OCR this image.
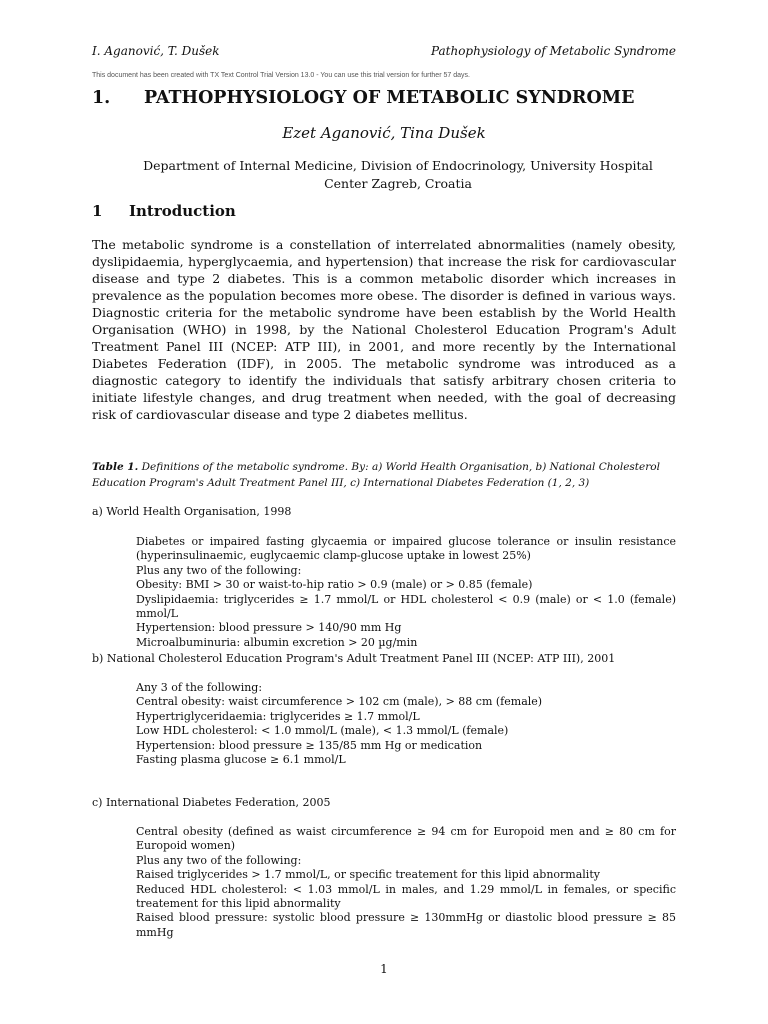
I. Aganović, T. Dušek	Pathophysiology of Metabolic Syndrome
This document has been created with TX Text Control Trial Version 13.0 - You can use this trial version for further 57 days.
1.	PATHOPHYSIOLOGY OF METABOLIC SYNDROME
Ezet Aganović, Tina Dušek
Department of Internal Medicine, Division of Endocrinology, University Hospital Center Zagreb, Croatia
1	Introduction

The metabolic syndrome is a constellation of interrelated abnormalities (namely obesity, dyslipidaemia, hyperglycaemia, and hypertension) that increase the risk for cardiovascular disease and type 2 diabetes. This is a common metabolic disorder which increases in prevalence as the population becomes more obese. The disorder is defined in various ways. Diagnostic criteria for the metabolic syndrome have been establish by the World Health Organisation (WHO) in 1998, by the National Cholesterol Education Program's Adult Treatment Panel III (NCEP: ATP III), in 2001, and more recently by the International Diabetes Federation (IDF), in 2005. The metabolic syndrome was introduced as a diagnostic category to identify the individuals that satisfy arbitrary chosen criteria to initiate lifestyle changes, and drug treatment when needed, with the goal of decreasing risk of cardiovascular disease and type 2 diabetes mellitus.

Table 1. Definitions of the metabolic syndrome. By: a) World Health Organisation, b) National Cholesterol Education Program's Adult Treatment Panel III, c) International Diabetes Federation (1, 2, 3)

a) World Health Organisation, 1998
Diabetes or impaired fasting glycaemia or impaired glucose tolerance or insulin resistance (hyperinsulinaemic, euglycaemic clamp-glucose uptake in lowest 25%)
Plus any two of the following:
Obesity: BMI > 30 or waist-to-hip ratio > 0.9 (male) or > 0.85 (female)
Dyslipidaemia: triglycerides ≥ 1.7 mmol/L or HDL cholesterol < 0.9 (male) or < 1.0 (female) mmol/L
Hypertension: blood pressure > 140/90 mm Hg
Microalbuminuria: albumin excretion > 20 µg/min
b) National Cholesterol Education Program's Adult Treatment Panel III (NCEP: ATP III), 2001
Any 3 of the following:
Central obesity: waist circumference > 102 cm (male), > 88 cm (female)
Hypertriglyceridaemia: triglycerides ≥ 1.7 mmol/L
Low HDL cholesterol: < 1.0 mmol/L (male), < 1.3 mmol/L (female)
Hypertension: blood pressure ≥ 135/85 mm Hg or medication
Fasting plasma glucose ≥ 6.1 mmol/L
c) International Diabetes Federation, 2005
Central obesity (defined as waist circumference ≥ 94 cm for Europoid men and ≥ 80 cm for Europoid women)
Plus any two of the following:
Raised triglycerides > 1.7 mmol/L, or specific treatement for this lipid abnormality
Reduced HDL cholesterol: < 1.03 mmol/L in males, and 1.29 mmol/L in females, or specific treatement for this lipid abnormality
Raised blood pressure: systolic blood pressure ≥ 130mmHg or diastolic blood pressure ≥ 85 mmHg
1
